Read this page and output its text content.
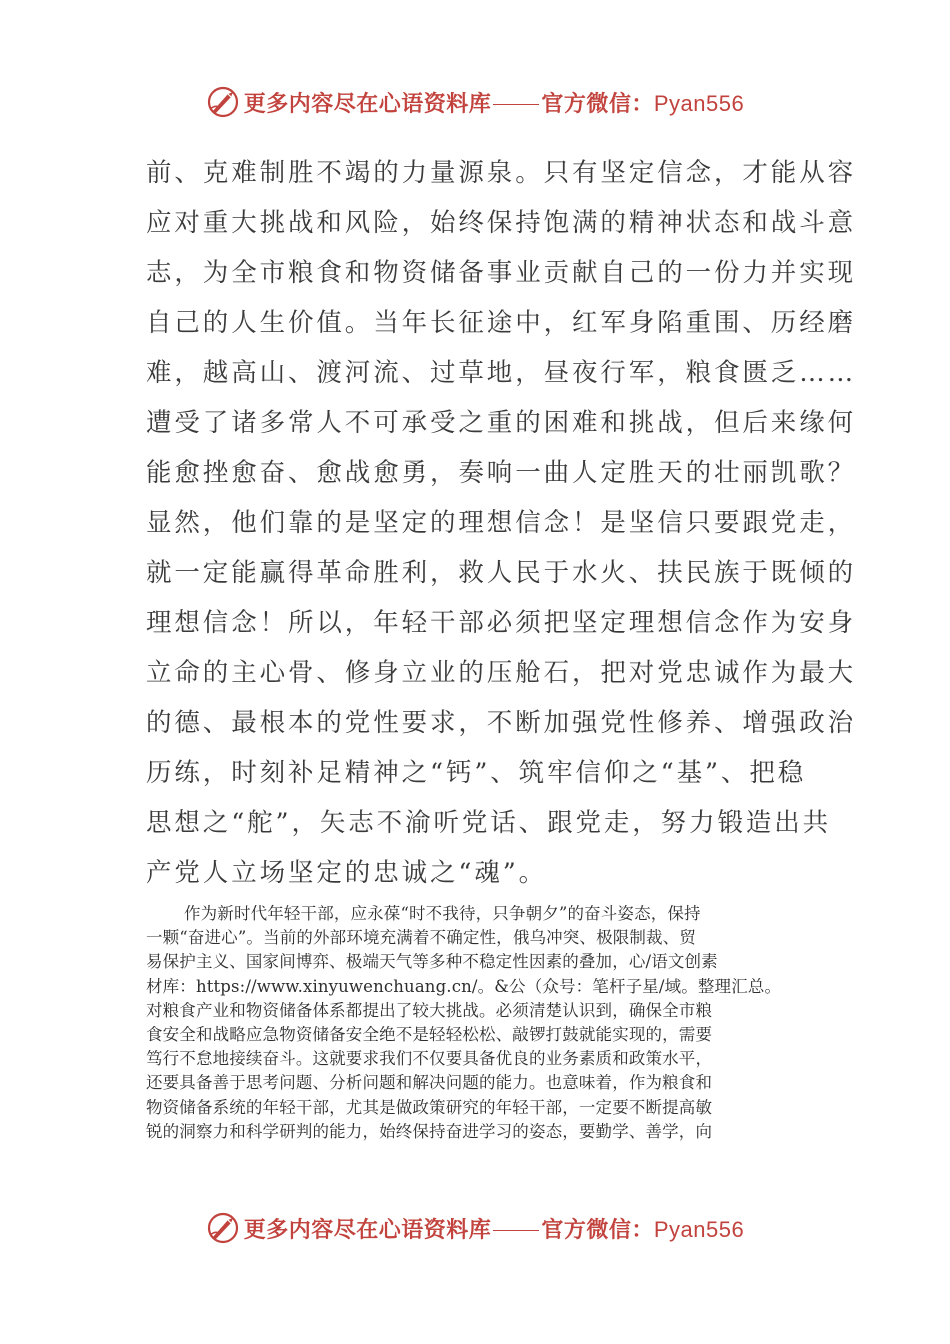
更多内容尽在心语资料库 官方微信：Pyan556
前、克难制胜不竭的力量源泉。只有坚定信念，才能从容
应对重大挑战和风险，始终保持饱满的精神状态和战斗意
志，为全市粮食和物资储备事业贡献自己的一份力并实现
自己的人生价值。当年长征途中，红军身陷重围、历经磨
难，越高山、渡河流、过草地，昼夜行军，粮食匮乏……
遭受了诸多常人不可承受之重的困难和挑战，但后来缘何
能愈挫愈奋、愈战愈勇，奏响一曲人定胜天的壮丽凯歌？
显然，他们靠的是坚定的理想信念！是坚信只要跟党走，
就一定能赢得革命胜利，救人民于水火、扶民族于既倾的
理想信念！所以，年轻干部必须把坚定理想信念作为安身
立命的主心骨、修身立业的压舱石，把对党忠诚作为最大
的德、最根本的党性要求，不断加强党性修养、增强政治
历练，时刻补足精神之“钙”、筑牢信仰之“基”、把稳
思想之“舵”，矢志不渝听党话、跟党走，努力锻造出共
产党人立场坚定的忠诚之“魂”。
作为新时代年轻干部，应永葆“时不我待，只争朝夕”的奋斗姿态，保持
一颗“奋进心”。当前的外部环境充满着不确定性，俄乌冲突、极限制裁、贸
易保护主义、国家间博弈、极端天气等多种不稳定性因素的叠加，心/语文创素
材库：https://www.xinyuwenchuang.cn/。&公（众号：笔杆子星/域。整理汇总。
对粮食产业和物资储备体系都提出了较大挑战。必须清楚认识到，确保全市粮
食安全和战略应急物资储备安全绝不是轻轻松松、敲锣打鼓就能实现的，需要
笃行不怠地接续奋斗。这就要求我们不仅要具备优良的业务素质和政策水平，
还要具备善于思考问题、分析问题和解决问题的能力。也意味着，作为粮食和
物资储备系统的年轻干部，尤其是做政策研究的年轻干部，一定要不断提高敏
锐的洞察力和科学研判的能力，始终保持奋进学习的姿态，要勤学、善学，向
更多内容尽在心语资料库 官方微信：Pyan556
